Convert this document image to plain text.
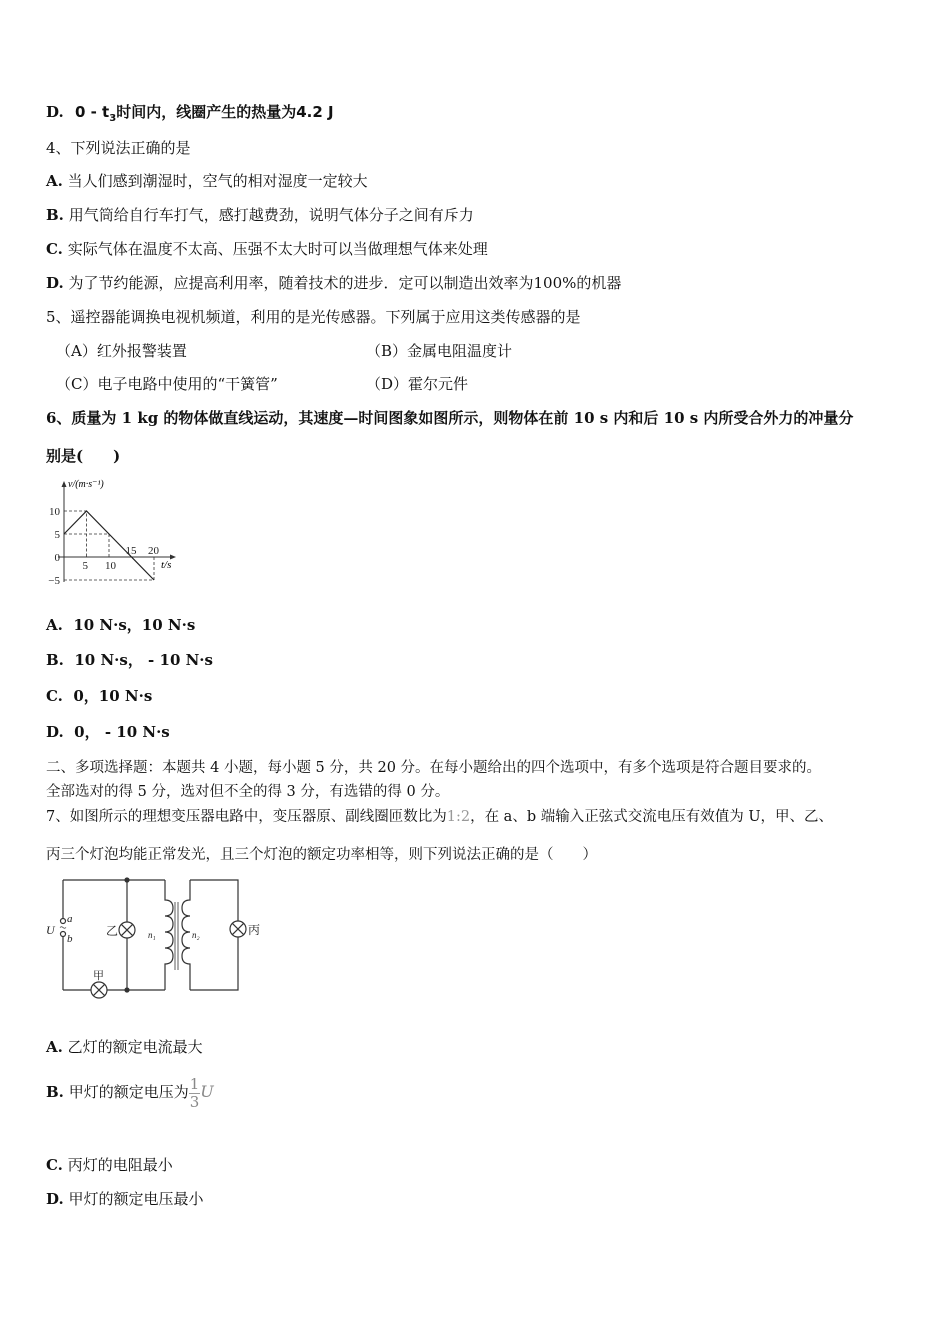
D. $0 - t_3$时间内，线圈产生的热量为4.2 J
4、下列说法正确的是
A. 当人们感到潮湿时，空气的相对湿度一定较大
B. 用气筒给自行车打气，感打越费劲，说明气体分子之间有斥力
C. 实际气体在温度不太高、压强不太大时可以当做理想气体来处理
D. 为了节约能源，应提高利用率，随着技术的进步．定可以制造出效率为100%的机器
5、遥控器能调换电视机频道，利用的是光传感器。下列属于应用这类传感器的是
（A）红外报警装置	（B）金属电阻温度计
（C）电子电路中使用的“干簧管”	（D）霍尔元件
6、质量为 1 kg 的物体做直线运动，其速度—时间图象如图所示，则物体在前 10 s 内和后 10 s 内所受合外力的冲量分
别是(　　)
5 10
15 20
10
5
0
−5
v/(m·s⁻¹)
t/s
A. 10 N·s，10 N·s
B. 10 N·s， - 10 N·s
C. 0，10 N·s
D. 0， - 10 N·s
二、多项选择题：本题共 4 小题，每小题 5 分，共 20 分。在每小题给出的四个选项中，有多个选项是符合题目要求的。
全部选对的得 5 分，选对但不全的得 3 分，有选错的得 0 分。
7、如图所示的理想变压器电路中，变压器原、副线圈匝数比为1:2，在 a、b 端输入正弦式交流电压有效值为 U，甲、乙、
丙三个灯泡均能正常发光，且三个灯泡的额定功率相等，则下列说法正确的是（　　）
U
a
b
乙
甲
丙
n₁	n₂
A. 乙灯的额定电流最大
B. 甲灯的额定电压为 $\frac{1}{3}$ U
C. 丙灯的电阻最小
D. 甲灯的额定电压最小
